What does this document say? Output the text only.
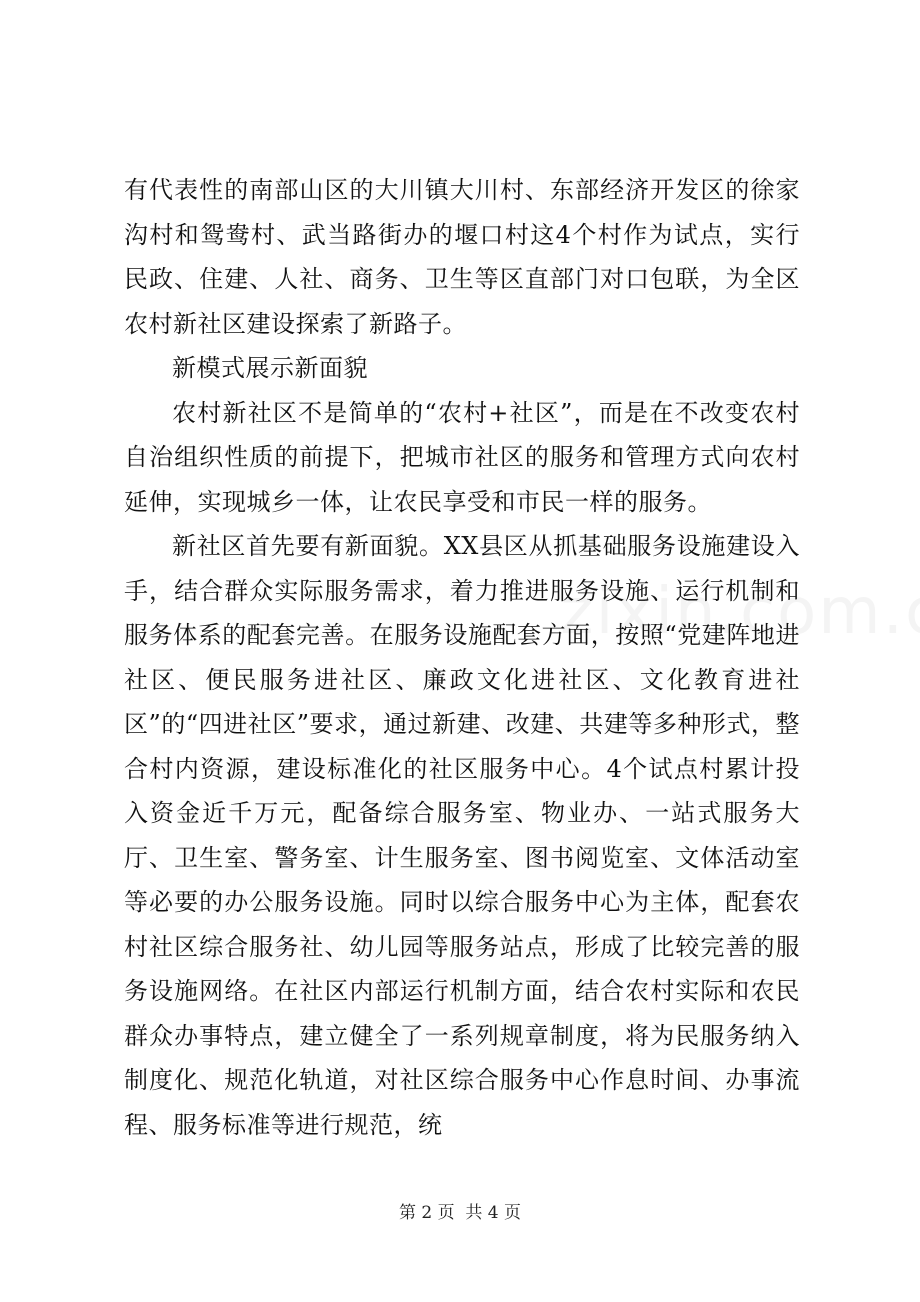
有代表性的南部山区的大川镇大川村、东部经济开发区的徐家沟村和鸳鸯村、武当路街办的堰口村这4个村作为试点，实行民政、住建、人社、商务、卫生等区直部门对口包联，为全区农村新社区建设探索了新路子。

新模式展示新面貌

农村新社区不是简单的“农村+社区”，而是在不改变农村自治组织性质的前提下，把城市社区的服务和管理方式向农村延伸，实现城乡一体，让农民享受和市民一样的服务。

新社区首先要有新面貌。XX县区从抓基础服务设施建设入手，结合群众实际服务需求，着力推进服务设施、运行机制和服务体系的配套完善。在服务设施配套方面，按照“党建阵地进社区、便民服务进社区、廉政文化进社区、文化教育进社区”的“四进社区”要求，通过新建、改建、共建等多种形式，整合村内资源，建设标准化的社区服务中心。4个试点村累计投入资金近千万元，配备综合服务室、物业办、一站式服务大厅、卫生室、警务室、计生服务室、图书阅览室、文体活动室等必要的办公服务设施。同时以综合服务中心为主体，配套农村社区综合服务社、幼儿园等服务站点，形成了比较完善的服务设施网络。在社区内部运行机制方面，结合农村实际和农民群众办事特点，建立健全了一系列规章制度，将为民服务纳入制度化、规范化轨道，对社区综合服务中心作息时间、办事流程、服务标准等进行规范，统

第 2 页 共 4 页
